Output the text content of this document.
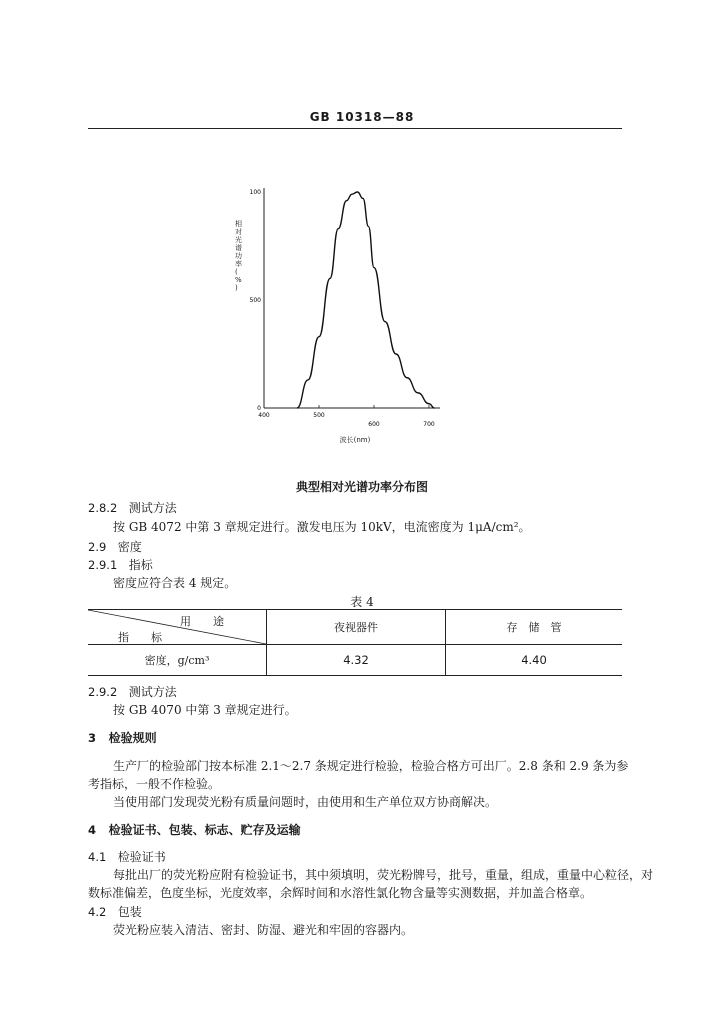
GB 10318—88
400	500
600	700
0
500
100
相对光谱功率( % )
波长(nm)
典型相对光谱功率分布图
2.8.2 测试方法
按 GB 4072 中第 3 章规定进行。激发电压为 10kV，电流密度为 1μA/cm²。
2.9 密度
2.9.1 指标
密度应符合表 4 规定。
表 4
用　　途
指　　标	夜视器件	存　储　管
密度，g/cm³	4.32	4.40
2.9.2 测试方法
按 GB 4070 中第 3 章规定进行。
3 检验规则
生产厂的检验部门按本标准 2.1～2.7 条规定进行检验，检验合格方可出厂。2.8 条和 2.9 条为参
考指标，一般不作检验。
当使用部门发现荧光粉有质量问题时，由使用和生产单位双方协商解决。
4 检验证书、包装、标志、贮存及运输
4.1 检验证书
每批出厂的荧光粉应附有检验证书，其中须填明，荧光粉牌号，批号，重量，组成，重量中心粒径，对
数标准偏差，色度坐标，光度效率，余辉时间和水溶性氯化物含量等实测数据，并加盖合格章。
4.2 包装
荧光粉应装入清洁、密封、防湿、避光和牢固的容器内。
